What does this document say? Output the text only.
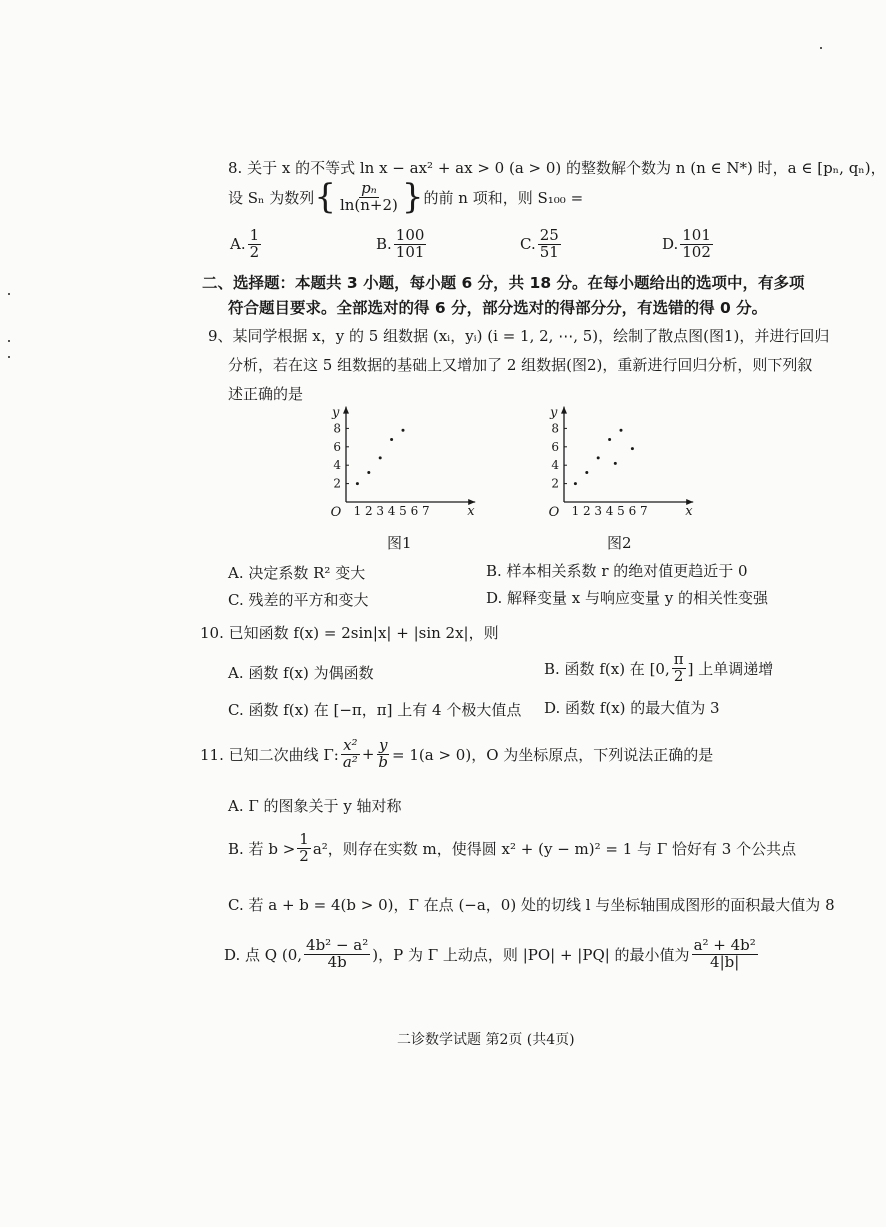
8. 关于 x 的不等式 ln x − ax² + ax > 0 (a > 0) 的整数解个数为 n (n ∈ N*) 时，a ∈ [pₙ, qₙ)，
设 Sₙ 为数列 { $\frac{\text{pₙ}}{\ln(n+2)}$ } 的前 n 项和，则 S₁₀₀ =
A. $\frac{1}{2}$	B. $\frac{100}{101}$	C. $\frac{25}{51}$	D. $\frac{101}{102}$
二、选择题：本题共 3 小题，每小题 6 分，共 18 分。在每小题给出的选项中，有多项
符合题目要求。全部选对的得 6 分，部分选对的得部分分，有选错的得 0 分。
9、某同学根据 x，y 的 5 组数据 (xᵢ，yᵢ) (i = 1, 2, ⋯, 5)，绘制了散点图(图1)，并进行回归
分析，若在这 5 组数据的基础上又增加了 2 组数据(图2)，重新进行回归分析，则下列叙
述正确的是
1 2 3 4 5 6 7
2
4
6
8
O	x
y
1 2 3 4 5 6 7
2
4
6
8
O	x
y
图1	图2
A. 决定系数 R² 变大	B. 样本相关系数 r 的绝对值更趋近于 0
C. 残差的平方和变大	D. 解释变量 x 与响应变量 y 的相关性变强
10. 已知函数 f(x) = 2sin|x| + |sin 2x|，则
A. 函数 f(x) 为偶函数	B. 函数 f(x) 在 [0, $\frac{\pi}{2}$ ] 上单调递增
C. 函数 f(x) 在 [−π，π] 上有 4 个极大值点 D. 函数 f(x) 的最大值为 3
11. 已知二次曲线 Γ: $\frac{\text{x²}}{\text{a²}} + \frac{y}{b} = 1(a > 0)$，O 为坐标原点，下列说法正确的是
A. Γ 的图象关于 y 轴对称
B. 若 $b > \frac{1}{2} a^2$，则存在实数 m，使得圆 x² + (y − m)² = 1 与 Γ 恰好有 3 个公共点
C. 若 a + b = 4(b > 0)，Γ 在点 (−a，0) 处的切线 l 与坐标轴围成图形的面积最大值为 8
D. 点 Q (0, $\frac{\text{4b² − a²}}{4b}$ )，P 为 Γ 上动点，则 |PO| + |PQ| 的最小值为 $\frac{\text{a² + 4b²}}{4|b|}$
二诊数学试题 第2页 (共4页)
